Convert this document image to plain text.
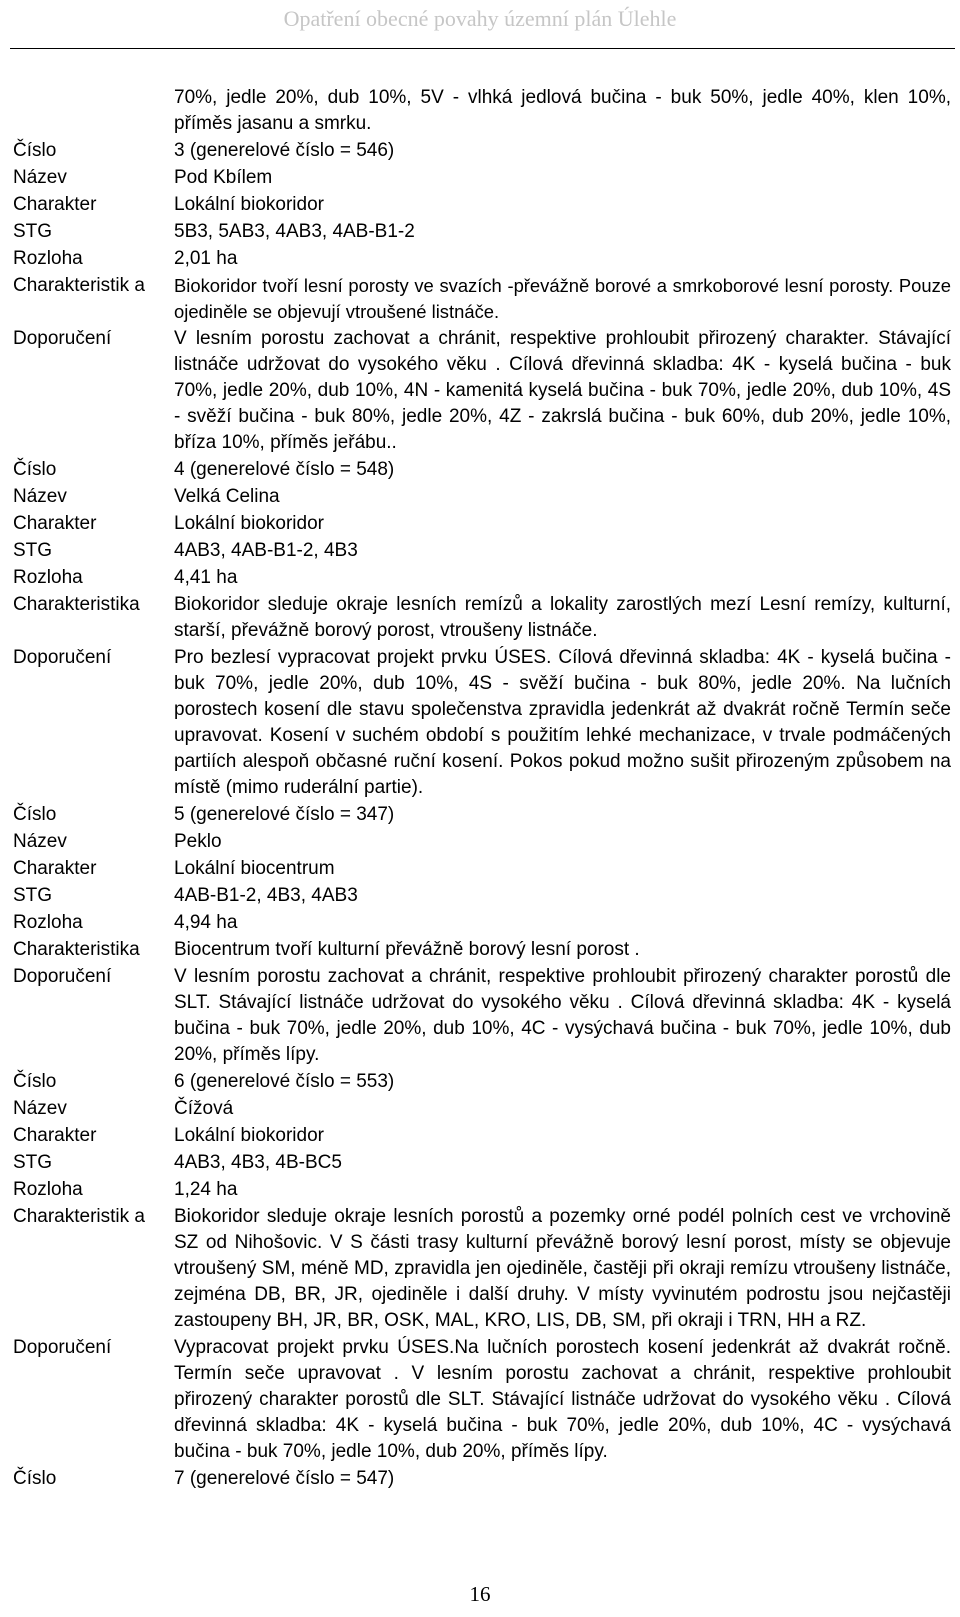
Opatření obecné povahy územní plán Úlehle
	70%, jedle 20%, dub 10%, 5V - vlhká jedlová bučina - buk 50%, jedle 40%, klen 10%, příměs jasanu a smrku.
Číslo	3 (generelové číslo = 546)
Název	Pod Kbílem
Charakter	Lokální biokoridor
STG	5B3, 5AB3, 4AB3, 4AB-B1-2
Rozloha	2,01 ha
Charakteristik a	Biokoridor tvoří lesní porosty ve svazích -převážně borové a smrkoborové lesní porosty. Pouze ojediněle se objevují vtroušené listnáče.
Doporučení	V lesním porostu zachovat a chránit, respektive prohloubit přirozený charakter. Stávající listnáče udržovat do vysokého věku . Cílová dřevinná skladba: 4K - kyselá bučina - buk 70%, jedle 20%, dub 10%, 4N - kamenitá kyselá bučina - buk 70%, jedle 20%, dub 10%, 4S - svěží bučina - buk 80%, jedle 20%, 4Z - zakrslá bučina - buk 60%, dub 20%, jedle 10%, bříza 10%, příměs jeřábu..
Číslo	4 (generelové číslo = 548)
Název	Velká Celina
Charakter	Lokální biokoridor
STG	4AB3, 4AB-B1-2, 4B3
Rozloha	4,41 ha
Charakteristika	Biokoridor sleduje okraje lesních remízů a lokality zarostlých mezí Lesní remízy, kulturní, starší, převážně borový porost, vtroušeny listnáče.
Doporučení	Pro bezlesí vypracovat projekt prvku ÚSES. Cílová dřevinná skladba: 4K - kyselá bučina - buk 70%, jedle 20%, dub 10%, 4S - svěží bučina - buk 80%, jedle 20%. Na lučních porostech kosení dle stavu společenstva zpravidla jedenkrát až dvakrát ročně Termín seče upravovat. Kosení v suchém období s použitím lehké mechanizace, v trvale podmáčených partiích alespoň občasné ruční kosení. Pokos pokud možno sušit přirozeným způsobem na místě (mimo ruderální partie).
Číslo	5 (generelové číslo = 347)
Název	Peklo
Charakter	Lokální biocentrum
STG	4AB-B1-2, 4B3, 4AB3
Rozloha	4,94 ha
Charakteristika	Biocentrum tvoří kulturní převážně borový lesní porost .
Doporučení	V lesním porostu zachovat a chránit, respektive prohloubit přirozený charakter porostů dle SLT. Stávající listnáče udržovat do vysokého věku . Cílová dřevinná skladba: 4K - kyselá bučina - buk 70%, jedle 20%, dub 10%, 4C - vysýchavá bučina - buk 70%, jedle 10%, dub 20%, příměs lípy.
Číslo	6 (generelové číslo = 553)
Název	Čížová
Charakter	Lokální biokoridor
STG	4AB3, 4B3, 4B-BC5
Rozloha	1,24 ha
Charakteristik a	Biokoridor sleduje okraje lesních porostů a pozemky orné podél polních cest ve vrchovině SZ od Nihošovic. V S části trasy kulturní převážně borový lesní porost, místy se objevuje vtroušený SM, méně MD, zpravidla jen ojediněle, častěji při okraji remízu vtroušeny listnáče, zejména DB, BR, JR, ojediněle i další druhy. V místy vyvinutém podrostu jsou nejčastěji zastoupeny BH, JR, BR, OSK, MAL, KRO, LIS, DB, SM, při okraji i TRN, HH a RZ.
Doporučení	Vypracovat projekt prvku ÚSES.Na lučních porostech kosení jedenkrát až dvakrát ročně. Termín seče upravovat . V lesním porostu zachovat a chránit, respektive prohloubit přirozený charakter porostů dle SLT. Stávající listnáče udržovat do vysokého věku . Cílová dřevinná skladba: 4K - kyselá bučina - buk 70%, jedle 20%, dub 10%, 4C - vysýchavá bučina - buk 70%, jedle 10%, dub 20%, příměs lípy.
Číslo	7 (generelové číslo = 547)
16
